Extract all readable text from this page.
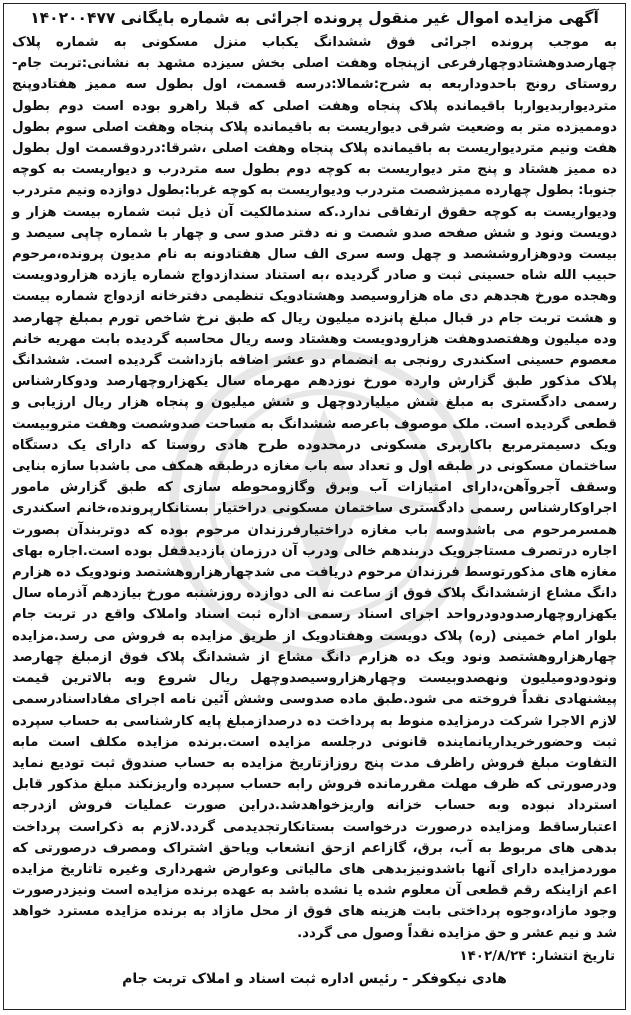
آگهی مزایده اموال غیر منقول پرونده اجرائی به شماره بایگانی ۱۴۰۲۰۰۴۷۷
به موجب پرونده اجرائی فوق ششدانگ یکباب منزل مسکونی به شماره پلاک چهارصدوهشتادوچهارفرعی ازپنجاه وهفت اصلی بخش سیزده مشهد به نشانی:تربت جام-روستای رونج باحدوداربعه به شرح:شمالا:درسه قسمت، اول بطول سه ممیز هفتادوپنج متردیواربدیواربا باقیمانده پلاک پنجاه وهفت اصلی که قبلا راهرو بوده است دوم بطول دوممیزده متر به وضعیت شرقی دیواریست به باقیمانده پلاک پنجاه وهفت اصلی سوم بطول هفت ونیم متردیواریست به باقیمانده پلاک پنجاه وهفت اصلی ،شرقا:دردوقسمت اول بطول ده ممیز هشتاد و پنج متر دیواریست به کوچه دوم بطول سه متردرب و دیواریست به کوچه جنوبا: بطول چهارده ممیزشصت متردرب ودیواریست به کوچه غربا:بطول دوازده ونیم متردرب ودیواریست به کوچه حقوق ارتفاقی ندارد.که سندمالکیت آن ذیل ثبت شماره بیست هزار و دویست ونود و شش صفحه صدو شصت و نه دفتر صدو سی و چهار با شماره چاپی سیصد و بیست ودوهزاروششصد و چهل وسه سری الف سال هفتادونه به نام مدیون پرونده،مرحوم حبیب الله شاه حسینی ثبت و صادر گردیده ،به استناد سندازدواج شماره یازده هزارودویست وهجده مورخ هجدهم دی ماه هزاروسیصد وهشتادویک تنظیمی دفترخانه ازدواج شماره بیست و هشت تربت جام در قبال مبلغ پانزده میلیون ریال که طبق نرخ شاخص تورم بمبلغ چهارصد وده میلیون وهفتصدوهفت هزارودویست وهشتاد وسه ریال محاسبه گردیده بابت مهریه خانم معصوم حسینی اسکندری رونجی به انضمام دو عشر اضافه بازداشت گردیده است. ششدانگ پلاک مذکور طبق گزارش وارده مورخ نوزدهم مهرماه سال یکهزاروچهارصد ودوکارشناس رسمی دادگستری به مبلغ شش میلیاردوچهل و شش میلیون و پنجاه هزار ریال ارزیابی و قطعی گردیده است. ملک موصوف باعرصه ششدانگ به مساحت صدوشصت وهفت متروبیست ویک دسیمترمربع باکاربری مسکونی درمحدوده طرح هادی روستا که دارای یک دستگاه ساختمان مسکونی در طبقه اول و تعداد سه باب مغازه درطبقه همکف می باشدبا سازه بنایی وسقف آجروآهن،دارای امتیازات آب وبرق وگازومحوطه سازی که طبق گزارش مامور اجراوکارشناس رسمی دادگستری ساختمان مسکونی دراختیار بستانکارپرونده،خانم اسکندری همسرمرحوم می باشدوسه باب مغازه دراختیارفرزندان مرحوم بوده که دوتربندآن بصورت اجاره درتصرف مستاجرویک دربندهم خالی ودرب آن درزمان بازدیدقفل بوده است.اجاره بهای مغازه های مذکورتوسط فرزندان مرحوم دریافت می شدچهارهزاروهشتصد ونودویک ده هزارم دانگ مشاع ازششدانگ پلاک فوق از ساعت نه الی دوازده روزشنبه مورخ بیازدهم آذرماه سال یکهزاروچهارصدودودرواحد اجرای اسناد رسمی اداره ثبت اسناد واملاک واقع در تربت جام بلوار امام خمینی (ره) پلاک دویست وهفتادویک از طریق مزایده به فروش می رسد.مزایده چهارهزاروهشتصد ونود ویک ده هزارم دانگ مشاع از ششدانگ پلاک فوق ازمبلغ چهارصد ونودودومیلیون ونهصدوبیست وچهارهزاروسیصدوچهل ریال شروع وبه بالاترین قیمت پیشنهادی نقداً فروخته می شود.طبق ماده صدوسی وشش آئین نامه اجرای مفاداسنادرسمی لازم الاجرا شرکت درمزایده منوط به پرداخت ده درصدازمبلغ پایه کارشناسی به حساب سپرده ثبت وحضورخریداریانماینده قانونی درجلسه مزایده است.برنده مزایده مکلف است مابه التفاوت مبلغ فروش راظرف مدت پنج روزازتاریخ مزایده به حساب صندوق ثبت تودیع نماید ودرصورتی که ظرف مهلت مقررمانده فروش رابه حساب سپرده واریزنکند مبلغ مذکور قابل استرداد نبوده وبه حساب خزانه واریزخواهدشد.دراین صورت عملیات فروش ازدرجه اعتبارساقط ومزایده درصورت درخواست بستانکارتجدیدمی گردد.لازم به ذکراست پرداخت بدهی های مربوط به آب، برق، گازاعم ازحق انشعاب ویاحق اشتراک ومصرف درصورتی که موردمزایده دارای آنها باشدونیزبدهی های مالیاتی وعوارض شهرداری وغیره تاتاریخ مزایده اعم ازاینکه رقم قطعی آن معلوم شده یا نشده باشد به عهده برنده مزایده است ونیزدرصورت وجود مازاد،وجوه پرداختی بابت هزینه های فوق از محل مازاد به برنده مزایده مسترد خواهد شد و نیم عشر و حق مزایده نقداً وصول می گردد.
تاریخ انتشار: ۱۴۰۲/۸/۲۴
هادی نیکوفکر - رئیس اداره ثبت اسناد و املاک تربت جام
